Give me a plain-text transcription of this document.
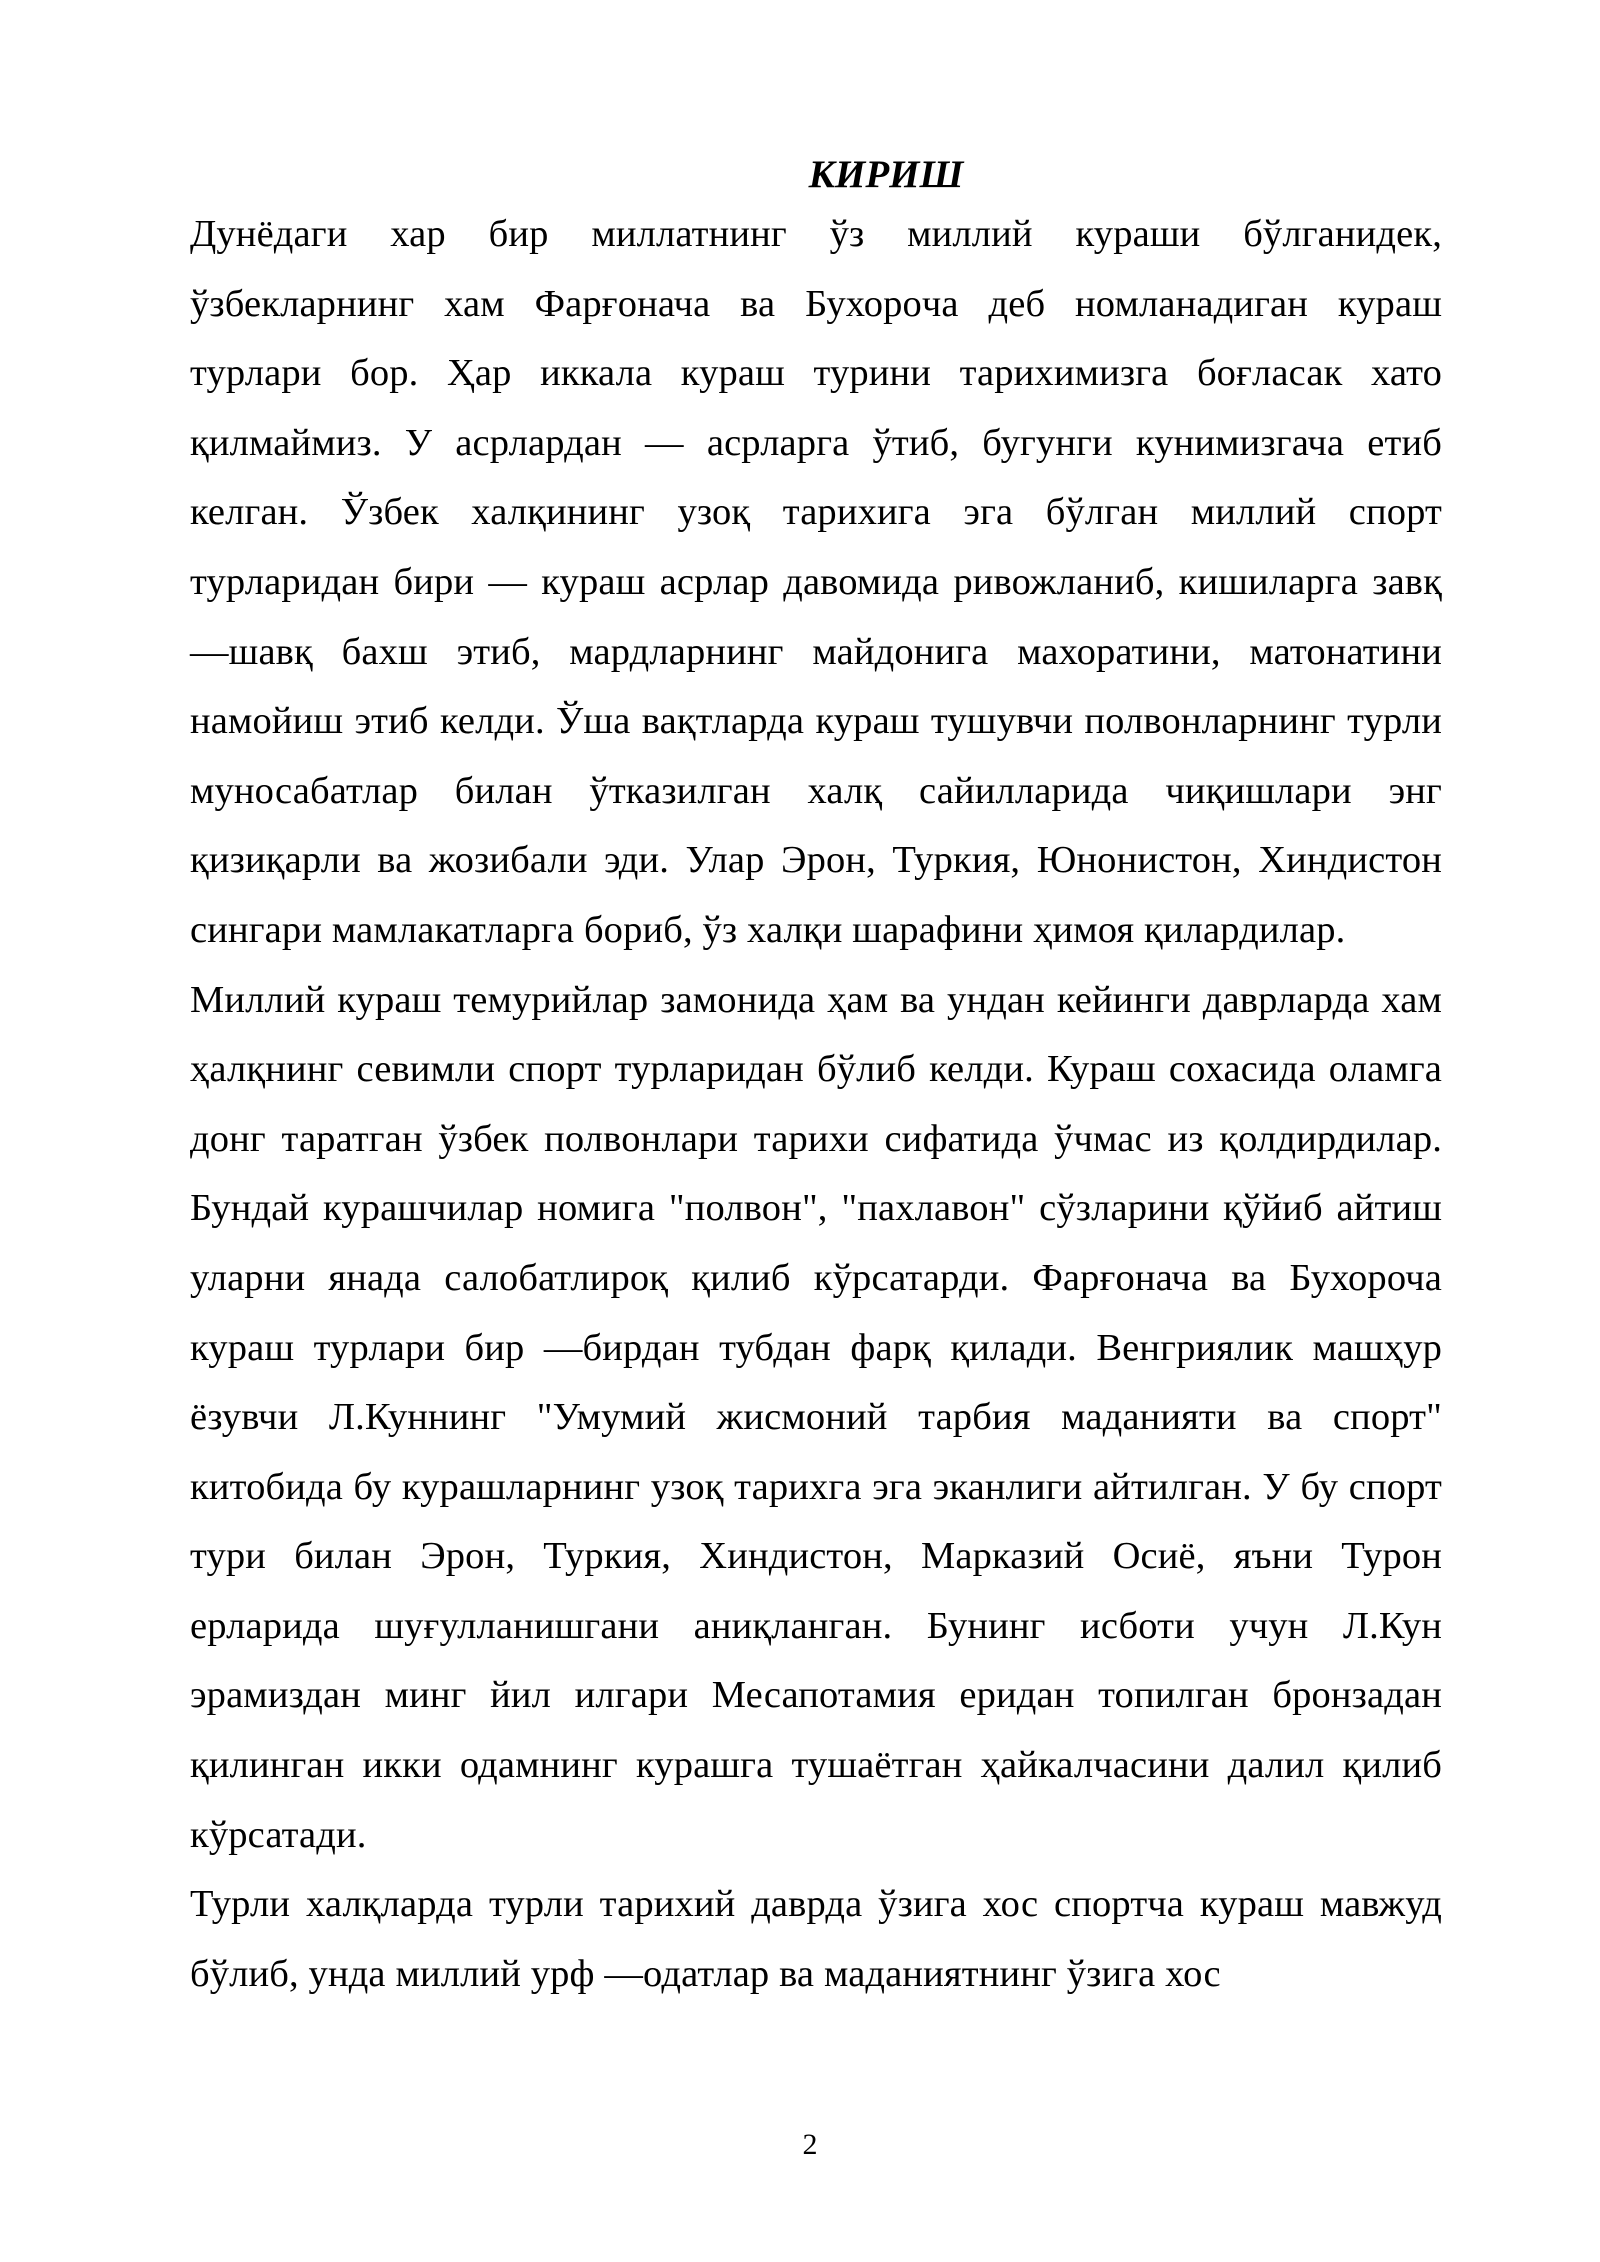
КИРИШ

Дунёдаги хар бир миллатнинг ўз миллий кураши бўлганидек, ўзбекларнинг хам Фарғонача ва Бухорoча деб номланадиган кураш турлари бор. Ҳар иккала кураш турини тарихимизга боғласак хато қилмаймиз. У асрлардан — асрларга ўтиб, бугунги кунимизгача етиб келган. Ўзбек халқининг узоқ тарихига эга бўлган миллий спорт турларидан бири — кураш асрлар давомида ривожланиб, кишиларга завқ —шавқ бахш этиб, мардларнинг майдонига махоратини, матонатини намойиш этиб келди. Ўша вақтларда кураш тушувчи полвонларнинг турли муносабатлар билан ўтказилган халқ сайилларида чиқишлари энг қизиқарли ва жозибали эди. Улар Эрон, Туркия, Юнонистон, Хиндистон сингари мамлакатларга бориб, ўз халқи шарафини ҳимоя қилардилар.

Миллий кураш темурийлар замонида ҳам ва ундан кейинги даврларда хам ҳалқнинг севимли спорт турларидан бўлиб келди. Кураш сохасида оламга донг таратган ўзбек полвонлари тарихи сифатида ўчмас из қолдирдилар. Бундай курашчилар номига "полвон", "пахлавон" сўзларини қўйиб айтиш уларни янада салобатлироқ қилиб кўрсатарди. Фарғонача ва Бухороча кураш турлари бир —бирдан тубдан фарқ қилади. Венгриялик машҳур ёзувчи Л.Куннинг "Умумий жисмоний тарбия маданияти ва спорт" китобида бу курашларнинг узоқ тарихга эга эканлиги айтилган. У бу спорт тури билан Эрон, Туркия, Хиндистон, Марказий Осиё, яъни Турон ерларида шуғулланишгани аниқланган. Бунинг исботи учун Л.Кун эрамиздан минг йил илгари Месапотамия еридан топилган бронзадан қилинган икки одамнинг курашга тушаётган ҳайкалчасини далил қилиб кўрсатади.

Турли халқларда турли тарихий даврда ўзига хос спортча кураш мавжуд бўлиб, унда миллий урф —одатлар ва маданиятнинг ўзига хос

2
